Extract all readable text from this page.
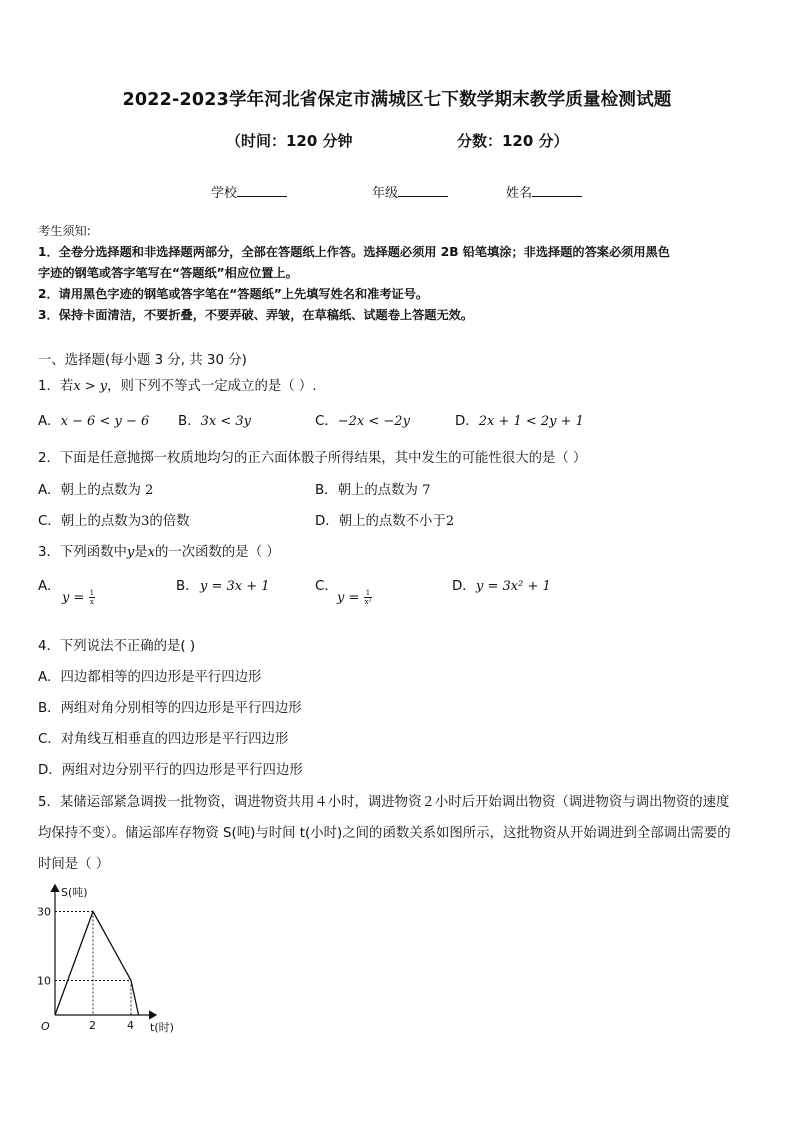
2022-2023学年河北省保定市满城区七下数学期末教学质量检测试题
（时间：120 分钟	分数：120 分）
学校	年级	姓名
考生须知:
1．全卷分选择题和非选择题两部分，全部在答题纸上作答。选择题必须用 2B 铅笔填涂；非选择题的答案必须用黑色
字迹的钢笔或答字笔写在“答题纸”相应位置上。
2．请用黑色字迹的钢笔或答字笔在“答题纸”上先填写姓名和准考证号。
3．保持卡面清洁，不要折叠，不要弄破、弄皱，在草稿纸、试题卷上答题无效。
一、选择题(每小题 3 分, 共 30 分)
1．若x > y，则下列不等式一定成立的是（ ）.
A．x − 6 < y − 6 B．3x < 3y	C．−2x < −2y	D．2x + 1 < 2y + 1
2．下面是任意抛掷一枚质地均匀的正六面体骰子所得结果，其中发生的可能性很大的是（ ）
A．朝上的点数为 2	B．朝上的点数为 7
C．朝上的点数为3的倍数	D．朝上的点数不小于2
3．下列函数中y是x的一次函数的是（ ）
A．
$y = \frac{1}{x}$
B． y = 3x + 1	C．
$y = \frac{1}{\text{x²}}$
D． y = 3x² + 1
4．下列说法不正确的是( )
A．四边都相等的四边形是平行四边形
B．两组对角分别相等的四边形是平行四边形
C．对角线互相垂直的四边形是平行四边形
D．两组对边分别平行的四边形是平行四边形
5．某储运部紧急调拨一批物资，调进物资共用４小时，调进物资２小时后开始调出物资（调进物资与调出物资的速度
均保持不变）。储运部库存物资 S(吨)与时间 t(小时)之间的函数关系如图所示，这批物资从开始调进到全部调出需要的
时间是（ ）
2	4
30
10
S(吨)
t(时)
O
